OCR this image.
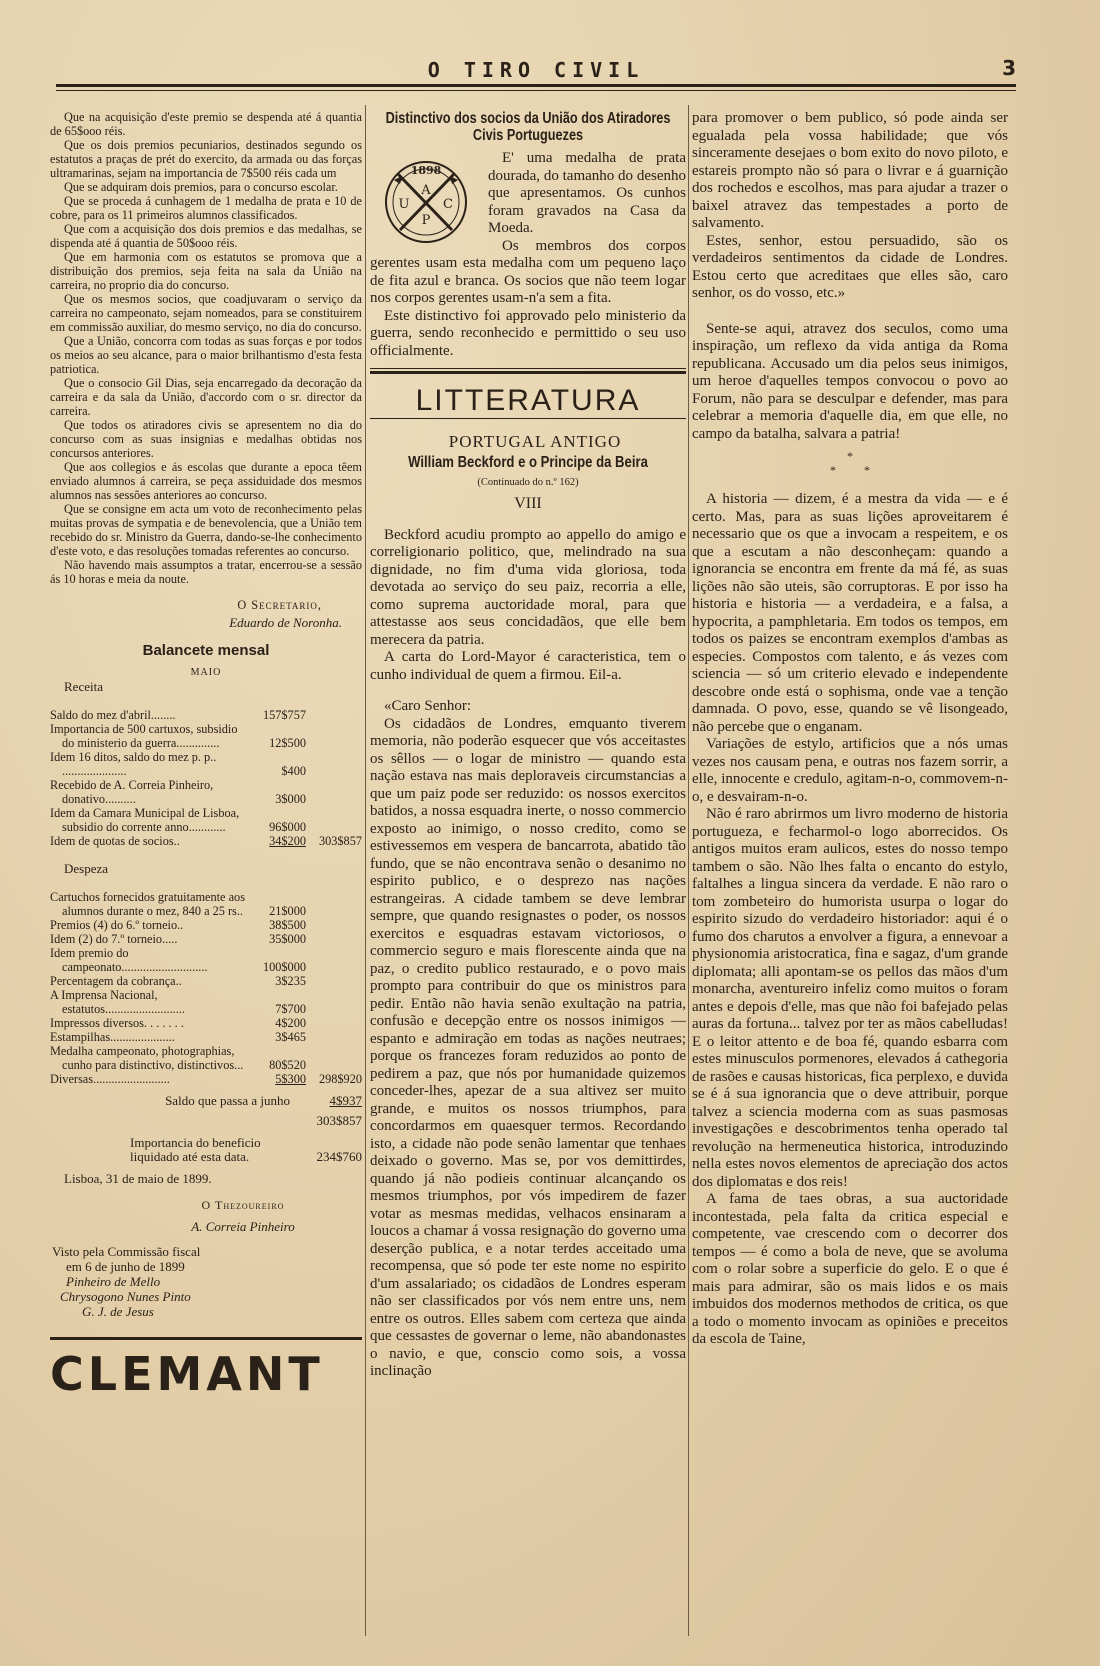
O TIRO CIVIL	3

Que na acquisição d'este premio se despenda até á quantia de 65$ooo réis.

Que os dois premios pecuniarios, destinados segundo os estatutos a praças de prét do exercito, da armada ou das forças ultramarinas, sejam na importancia de 7$500 réis cada um

Que se adquiram dois premios, para o concurso escolar.

Que se proceda á cunhagem de 1 medalha de prata e 10 de cobre, para os 11 primeiros alumnos classificados.

Que com a acquisição dos dois premios e das medalhas, se dispenda até á quantia de 50$ooo réis.

Que em harmonia com os estatutos se promova que a distribuição dos premios, seja feita na sala da União na carreira, no proprio dia do concurso.

Que os mesmos socios, que coadjuvaram o serviço da carreira no campeonato, sejam nomeados, para se constituirem em commissão auxiliar, do mesmo serviço, no dia do concurso.

Que a União, concorra com todas as suas forças e por todos os meios ao seu alcance, para o maior brilhantismo d'esta festa patriotica.

Que o consocio Gil Dias, seja encarregado da decoração da carreira e da sala da União, d'accordo com o sr. director da carreira.

Que todos os atiradores civis se apresentem no dia do concurso com as suas insignias e medalhas obtidas nos concursos anteriores.

Que aos collegios e ás escolas que durante a epoca têem enviado alumnos á carreira, se peça assiduidade dos mesmos alumnos nas sessões anteriores ao concurso.

Que se consigne em acta um voto de reconhecimento pelas muitas provas de sympatia e de benevolencia, que a União tem recebido do sr. Ministro da Guerra, dando-se-lhe conhecimento d'este voto, e das resoluções tomadas referentes ao concurso.

Não havendo mais assumptos a tratar, encerrou-se a sessão ás 10 horas e meia da noute.

O Secretario,

Eduardo de Noronha.

Balancete mensal
MAIO
Receita
Saldo do mez d'abril........	157$757
Importancia de 500 cartuxos, subsidio do ministerio da guerra..............	12$500
Idem 16 ditos, saldo do mez p. p.. .....................	$400
Recebido de A. Correia Pinheiro, donativo..........	3$000
Idem da Camara Municipal de Lisboa, subsidio do corrente anno............	96$000
Idem de quotas de socios..	34$200	303$857
Despeza
Cartuchos fornecidos gratuitamente aos alumnos durante o mez, 840 a 25 rs..	21$000
Premios (4) do 6.º torneio..	38$500
Idem (2) do 7.º torneio.....	35$000
Idem premio do campeonato............................	100$000
Percentagem da cobrança..	3$235
A Imprensa Nacional, estatutos..........................	7$700
Impressos diversos. . . . . . .	4$200
Estampilhas.....................	3$465
Medalha campeonato, photographias, cunho para distinctivo, distinctivos...	80$520
Diversas.........................	5$300	298$920
Saldo que passa a junho	4$937
303$857
Importancia do beneficio liquidado até esta data.	234$760

Lisboa, 31 de maio de 1899.

O Thezoureiro

A. Correia Pinheiro

Visto pela Commissão fiscal
em 6 de junho de 1899
Pinheiro de Mello
Chrysogono Nunes Pinto
G. J. de Jesus
CLEMANT
Distinctivo dos socios da União dos Atiradores Civis Portuguezes
1898
A
U	C
P

E' uma medalha de prata dourada, do tamanho do desenho que apresentamos. Os cunhos foram gravados na Casa da Moeda.

Os membros dos corpos gerentes usam esta medalha com um pequeno laço de fita azul e branca. Os socios que não teem logar nos corpos gerentes usam-n'a sem a fita.

Este distinctivo foi approvado pelo ministerio da guerra, sendo reconhecido e permittido o seu uso officialmente.

LITTERATURA

PORTUGAL ANTIGO

William Beckford e o Principe da Beira
(Continuado do n.º 162)
VIII

Beckford acudiu prompto ao appello do amigo e correligionario politico, que, melindrado na sua dignidade, no fim d'uma vida gloriosa, toda devotada ao serviço do seu paiz, recorria a elle, como suprema auctoridade moral, para que attestasse aos seus concidadãos, que elle bem merecera da patria.

A carta do Lord-Mayor é caracteristica, tem o cunho individual de quem a firmou. Eil-a.

«Caro Senhor:

Os cidadãos de Londres, emquanto tiverem memoria, não poderão esquecer que vós acceitastes os sêllos — o logar de ministro — quando esta nação estava nas mais deploraveis circumstancias a que um paiz pode ser reduzido: os nossos exercitos batidos, a nossa esquadra inerte, o nosso commercio exposto ao inimigo, o nosso credito, como se estivessemos em vespera de bancarrota, abatido tão fundo, que se não encontrava senão o desanimo no espirito publico, e o desprezo nas nações estrangeiras. A cidade tambem se deve lembrar sempre, que quando resignastes o poder, os nossos exercitos e esquadras estavam victoriosos, o commercio seguro e mais florescente ainda que na paz, o credito publico restaurado, e o povo mais prompto para contribuir do que os ministros para pedir. Então não havia senão exultação na patria, confusão e decepção entre os nossos inimigos — espanto e admiração em todas as nações neutraes; porque os francezes foram reduzidos ao ponto de pedirem a paz, que nós por humanidade quizemos conceder-lhes, apezar de a sua altivez ser muito grande, e muitos os nossos triumphos, para concordarmos em quaesquer termos. Recordando isto, a cidade não pode senão lamentar que tenhaes deixado o governo. Mas se, por vos demittirdes, quando já não podieis continuar alcançando os mesmos triumphos, por vós impedirem de fazer votar as mesmas medidas, velhacos ensinaram a loucos a chamar á vossa resignação do governo uma deserção publica, e a notar terdes acceitado uma recompensa, que só pode ter este nome no espirito d'um assalariado; os cidadãos de Londres esperam não ser classificados por vós nem entre uns, nem entre os outros. Elles sabem com certeza que ainda que cessastes de governar o leme, não abandonastes o navio, e que, conscio como sois, a vossa inclinação

para promover o bem publico, só pode ainda ser egualada pela vossa habilidade; que vós sinceramente desejaes o bom exito do novo piloto, e estareis prompto não só para o livrar e á guarnição dos rochedos e escolhos, mas para ajudar a trazer o baixel atravez das tempestades a porto de salvamento.

Estes, senhor, estou persuadido, são os verdadeiros sentimentos da cidade de Londres. Estou certo que acreditaes que elles são, caro senhor, os do vosso, etc.»

Sente-se aqui, atravez dos seculos, como uma inspiração, um reflexo da vida antiga da Roma republicana. Accusado um dia pelos seus inimigos, um heroe d'aquelles tempos convocou o povo ao Forum, não para se desculpar e defender, mas para celebrar a memoria d'aquelle dia, em que elle, no campo da batalha, salvara a patria!

*
* *

A historia — dizem, é a mestra da vida — e é certo. Mas, para as suas lições aproveitarem é necessario que os que a invocam a respeitem, e os que a escutam a não desconheçam: quando a ignorancia se encontra em frente da má fé, as suas lições não são uteis, são corruptoras. E por isso ha historia e historia — a verdadeira, e a falsa, a hypocrita, a pamphletaria. Em todos os tempos, em todos os paizes se encontram exemplos d'ambas as especies. Compostos com talento, e ás vezes com sciencia — só um criterio elevado e independente descobre onde está o sophisma, onde vae a tenção damnada. O povo, esse, quando se vê lisongeado, não percebe que o enganam.

Variações de estylo, artificios que a nós umas vezes nos causam pena, e outras nos fazem sorrir, a elle, innocente e credulo, agitam-n-o, commovem-n-o, e desvairam-n-o.

Não é raro abrirmos um livro moderno de historia portugueza, e fecharmol-o logo aborrecidos. Os antigos muitos eram aulicos, estes do nosso tempo tambem o são. Não lhes falta o encanto do estylo, faltalhes a lingua sincera da verdade. E não raro o tom zombeteiro do humorista usurpa o logar do espirito sizudo do verdadeiro historiador: aqui é o fumo dos charutos a envolver a figura, a ennevoar a physionomia aristocratica, fina e sagaz, d'um grande diplomata; alli apontam-se os pellos das mãos d'um monarcha, aventureiro infeliz como muitos o foram antes e depois d'elle, mas que não foi bafejado pelas auras da fortuna... talvez por ter as mãos cabelludas! E o leitor attento e de boa fé, quando esbarra com estes minusculos pormenores, elevados á cathegoria de rasões e causas historicas, fica perplexo, e duvida se é á sua ignorancia que o deve attribuir, porque talvez a sciencia moderna com as suas pasmosas investigações e descobrimentos tenha operado tal revolução na hermeneutica historica, introduzindo nella estes novos elementos de apreciação dos actos dos diplomatas e dos reis!

A fama de taes obras, a sua auctoridade incontestada, pela falta da critica especial e competente, vae crescendo com o decorrer dos tempos — é como a bola de neve, que se avoluma com o rolar sobre a superficie do gelo. E o que é mais para admirar, são os mais lidos e os mais imbuidos dos modernos methodos de critica, os que a todo o momento invocam as opiniões e preceitos da escola de Taine,
